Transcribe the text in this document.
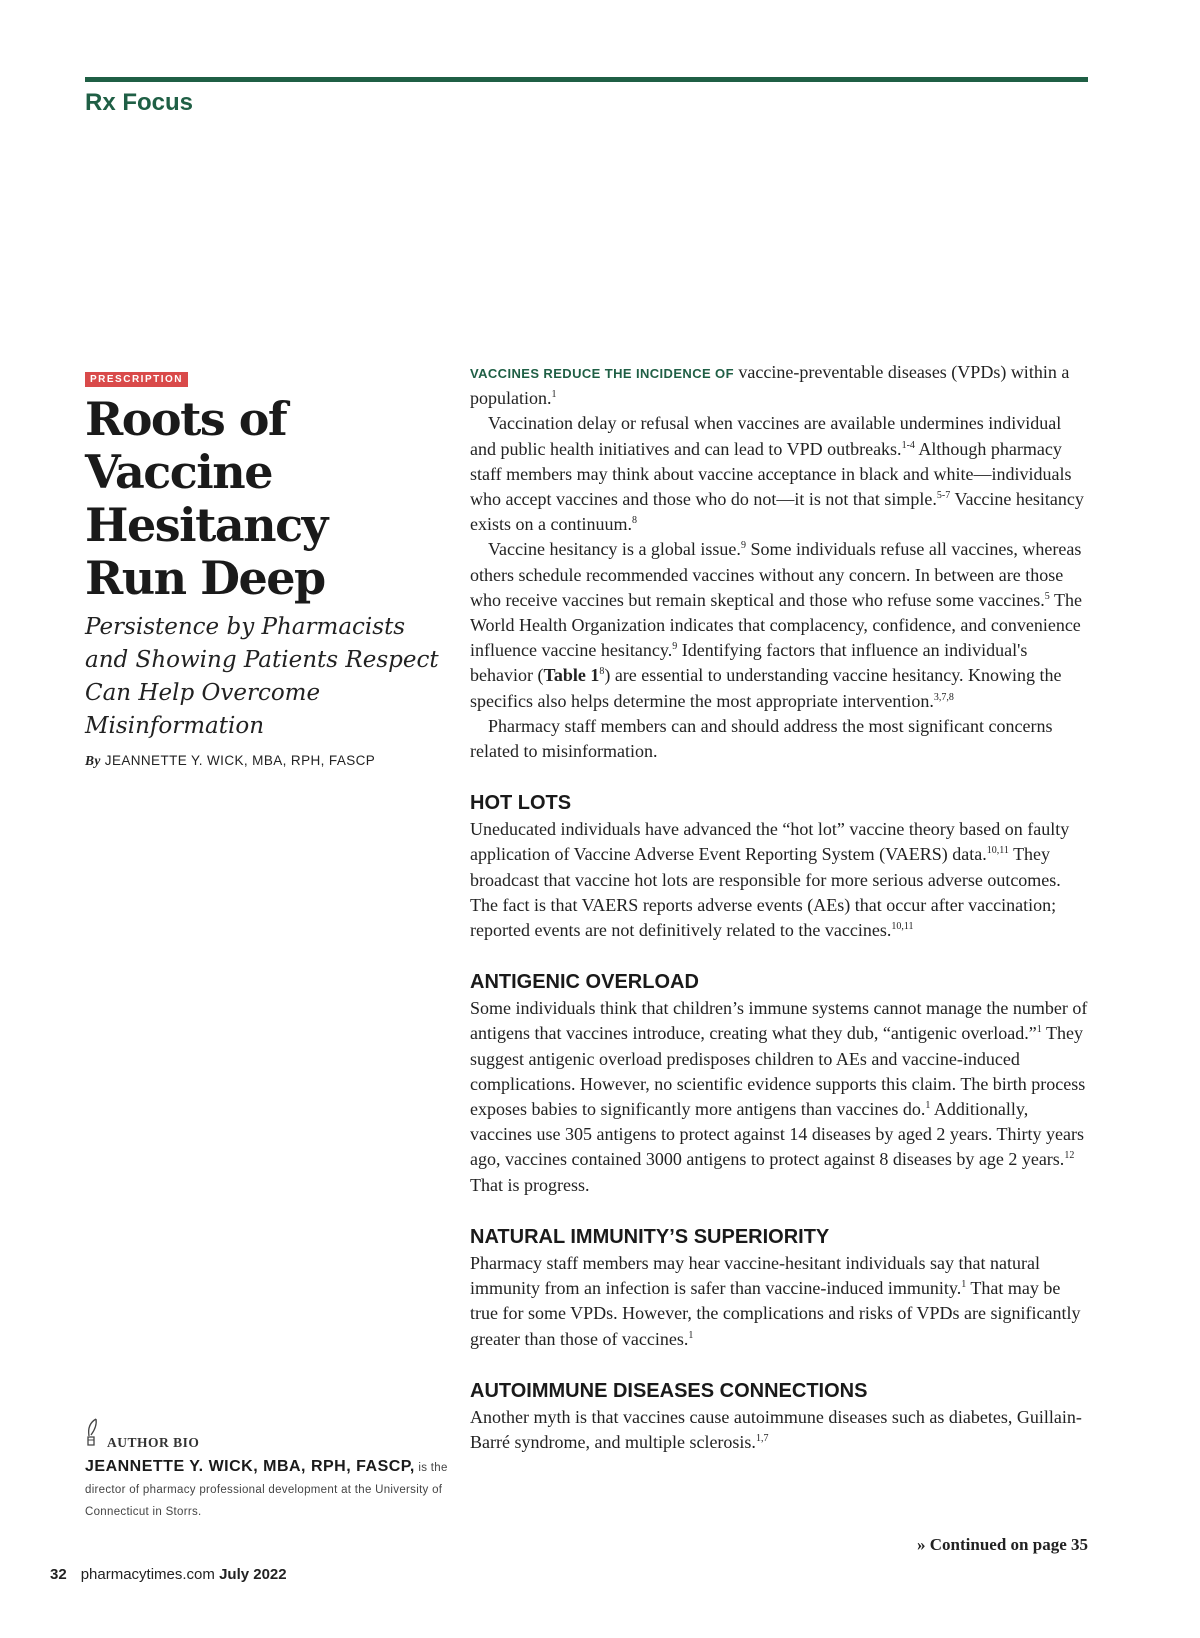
Rx Focus
PRESCRIPTION
Roots of
Vaccine
Hesitancy
Run Deep

Persistence by Pharmacists and Showing Patients Respect Can Help Overcome Misinformation

By JEANNETTE Y. WICK, MBA, RPH, FASCP

VACCINES REDUCE THE INCIDENCE OF vaccine-preventable diseases (VPDs) within a population.$^1$

Vaccination delay or refusal when vaccines are available undermines individual and public health initiatives and can lead to VPD outbreaks.$^{1-4}$ Although pharmacy staff members may think about vaccine acceptance in black and white—individuals who accept vaccines and those who do not—it is not that simple.$^{5-7}$ Vaccine hesitancy exists on a continuum.$^8$

Vaccine hesitancy is a global issue.$^9$ Some individuals refuse all vaccines, whereas others schedule recommended vaccines without any concern. In between are those who receive vaccines but remain skeptical and those who refuse some vaccines.$^5$ The World Health Organization indicates that complacency, confidence, and convenience influence vaccine hesitancy.$^9$ Identifying factors that influence an individual's behavior (Table $1^8$) are essential to understanding vaccine hesitancy. Knowing the specifics also helps determine the most appropriate intervention.$^{3,7,8}$

Pharmacy staff members can and should address the most significant concerns related to misinformation.

HOT LOTS

Uneducated individuals have advanced the “hot lot” vaccine theory based on faulty application of Vaccine Adverse Event Reporting System (VAERS) data.$^{10,11}$ They broadcast that vaccine hot lots are responsible for more serious adverse outcomes. The fact is that VAERS reports adverse events (AEs) that occur after vaccination; reported events are not definitively related to the vaccines.$^{10,11}$

ANTIGENIC OVERLOAD

Some individuals think that children’s immune systems cannot manage the number of antigens that vaccines introduce, creating what they dub, “antigenic overload.”$^1$ They suggest antigenic overload predisposes children to AEs and vaccine-induced complications. However, no scientific evidence supports this claim. The birth process exposes babies to significantly more antigens than vaccines do.$^1$ Additionally, vaccines use 305 antigens to protect against 14 diseases by aged 2 years. Thirty years ago, vaccines contained 3000 antigens to protect against 8 diseases by age 2 years.$^{12}$ That is progress.

NATURAL IMMUNITY’S SUPERIORITY

Pharmacy staff members may hear vaccine-hesitant individuals say that natural immunity from an infection is safer than vaccine-induced immunity.$^1$ That may be true for some VPDs. However, the complications and risks of VPDs are significantly greater than those of vaccines.$^1$

AUTOIMMUNE DISEASES CONNECTIONS

Another myth is that vaccines cause autoimmune diseases such as diabetes, Guillain-Barré syndrome, and multiple sclerosis.$^{1,7}$

» Continued on page 35
AUTHOR BIO
JEANNETTE Y. WICK, MBA, RPH, FASCP, is the director of pharmacy professional development at the University of Connecticut in Storrs.
32 pharmacytimes.com July 2022
